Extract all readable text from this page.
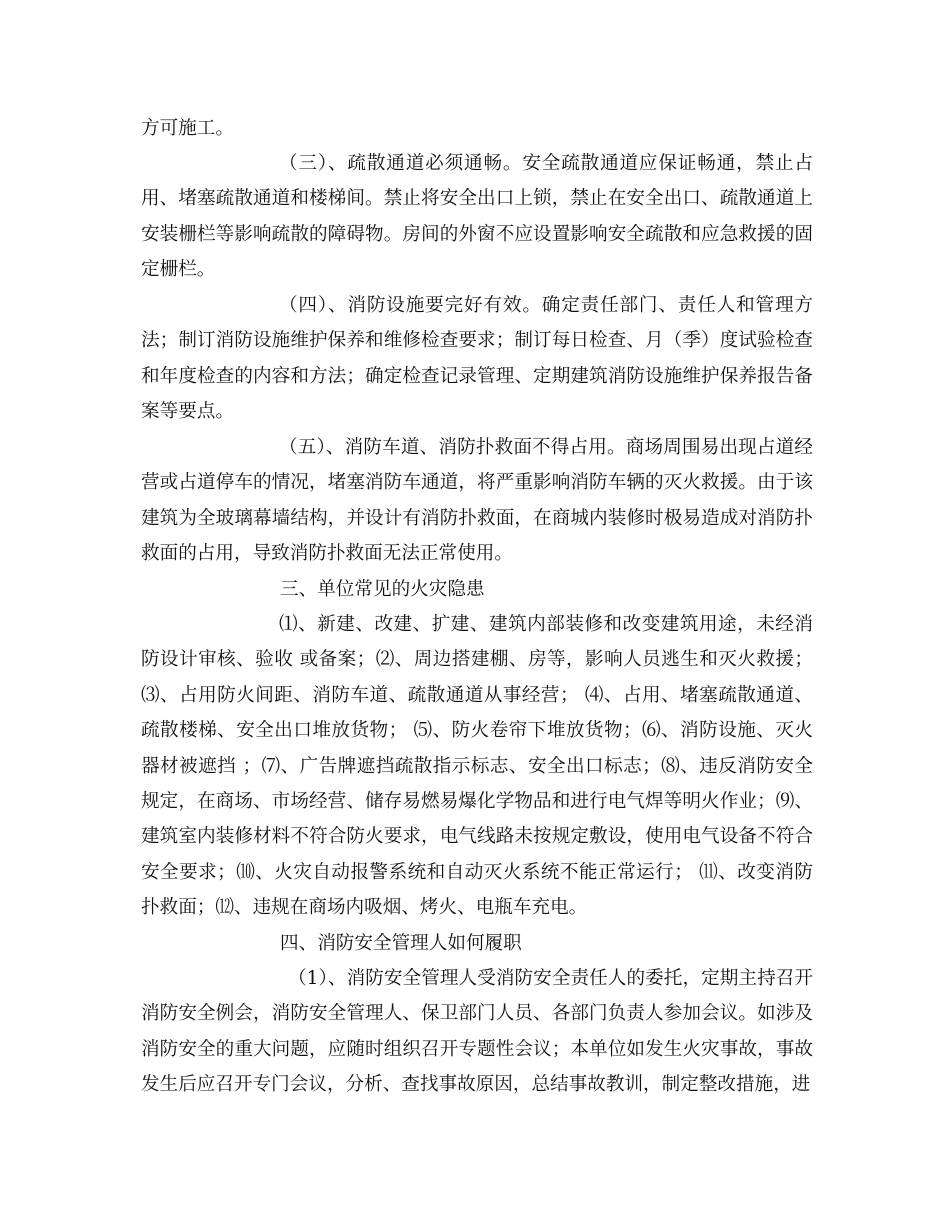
方可施工。

（三）、疏散通道必须通畅。安全疏散通道应保证畅通，禁止占用、堵塞疏散通道和楼梯间。禁止将安全出口上锁，禁止在安全出口、疏散通道上安装栅栏等影响疏散的障碍物。房间的外窗不应设置影响安全疏散和应急救援的固定栅栏。

（四）、消防设施要完好有效。确定责任部门、责任人和管理方法；制订消防设施维护保养和维修检查要求；制订每日检查、月（季）度试验检查和年度检查的内容和方法；确定检查记录管理、定期建筑消防设施维护保养报告备案等要点。

（五）、消防车道、消防扑救面不得占用。商场周围易出现占道经营或占道停车的情况，堵塞消防车通道，将严重影响消防车辆的灭火救援。由于该建筑为全玻璃幕墙结构，并设计有消防扑救面，在商城内装修时极易造成对消防扑救面的占用，导致消防扑救面无法正常使用。

三、单位常见的火灾隐患

⑴、新建、改建、扩建、建筑内部装修和改变建筑用途，未经消防设计审核、验收 或备案；⑵、周边搭建棚、房等，影响人员逃生和灭火救援；⑶、占用防火间距、消防车道、疏散通道从事经营； ⑷、占用、堵塞疏散通道、疏散楼梯、安全出口堆放货物； ⑸、防火卷帘下堆放货物；⑹、消防设施、灭火器材被遮挡 ；⑺、广告牌遮挡疏散指示标志、安全出口标志；⑻、违反消防安全规定，在商场、市场经营、储存易燃易爆化学物品和进行电气焊等明火作业；⑼、建筑室内装修材料不符合防火要求，电气线路未按规定敷设，使用电气设备不符合安全要求；⑽、火灾自动报警系统和自动灭火系统不能正常运行； ⑾、改变消防扑救面；⑿、违规在商场内吸烟、烤火、电瓶车充电。

四、消防安全管理人如何履职

（1）、消防安全管理人受消防安全责任人的委托，定期主持召开消防安全例会，消防安全管理人、保卫部门人员、各部门负责人参加会议。如涉及消防安全的重大问题，应随时组织召开专题性会议；本单位如发生火灾事故，事故发生后应召开专门会议，分析、查找事故原因，总结事故教训，制定整改措施，进
